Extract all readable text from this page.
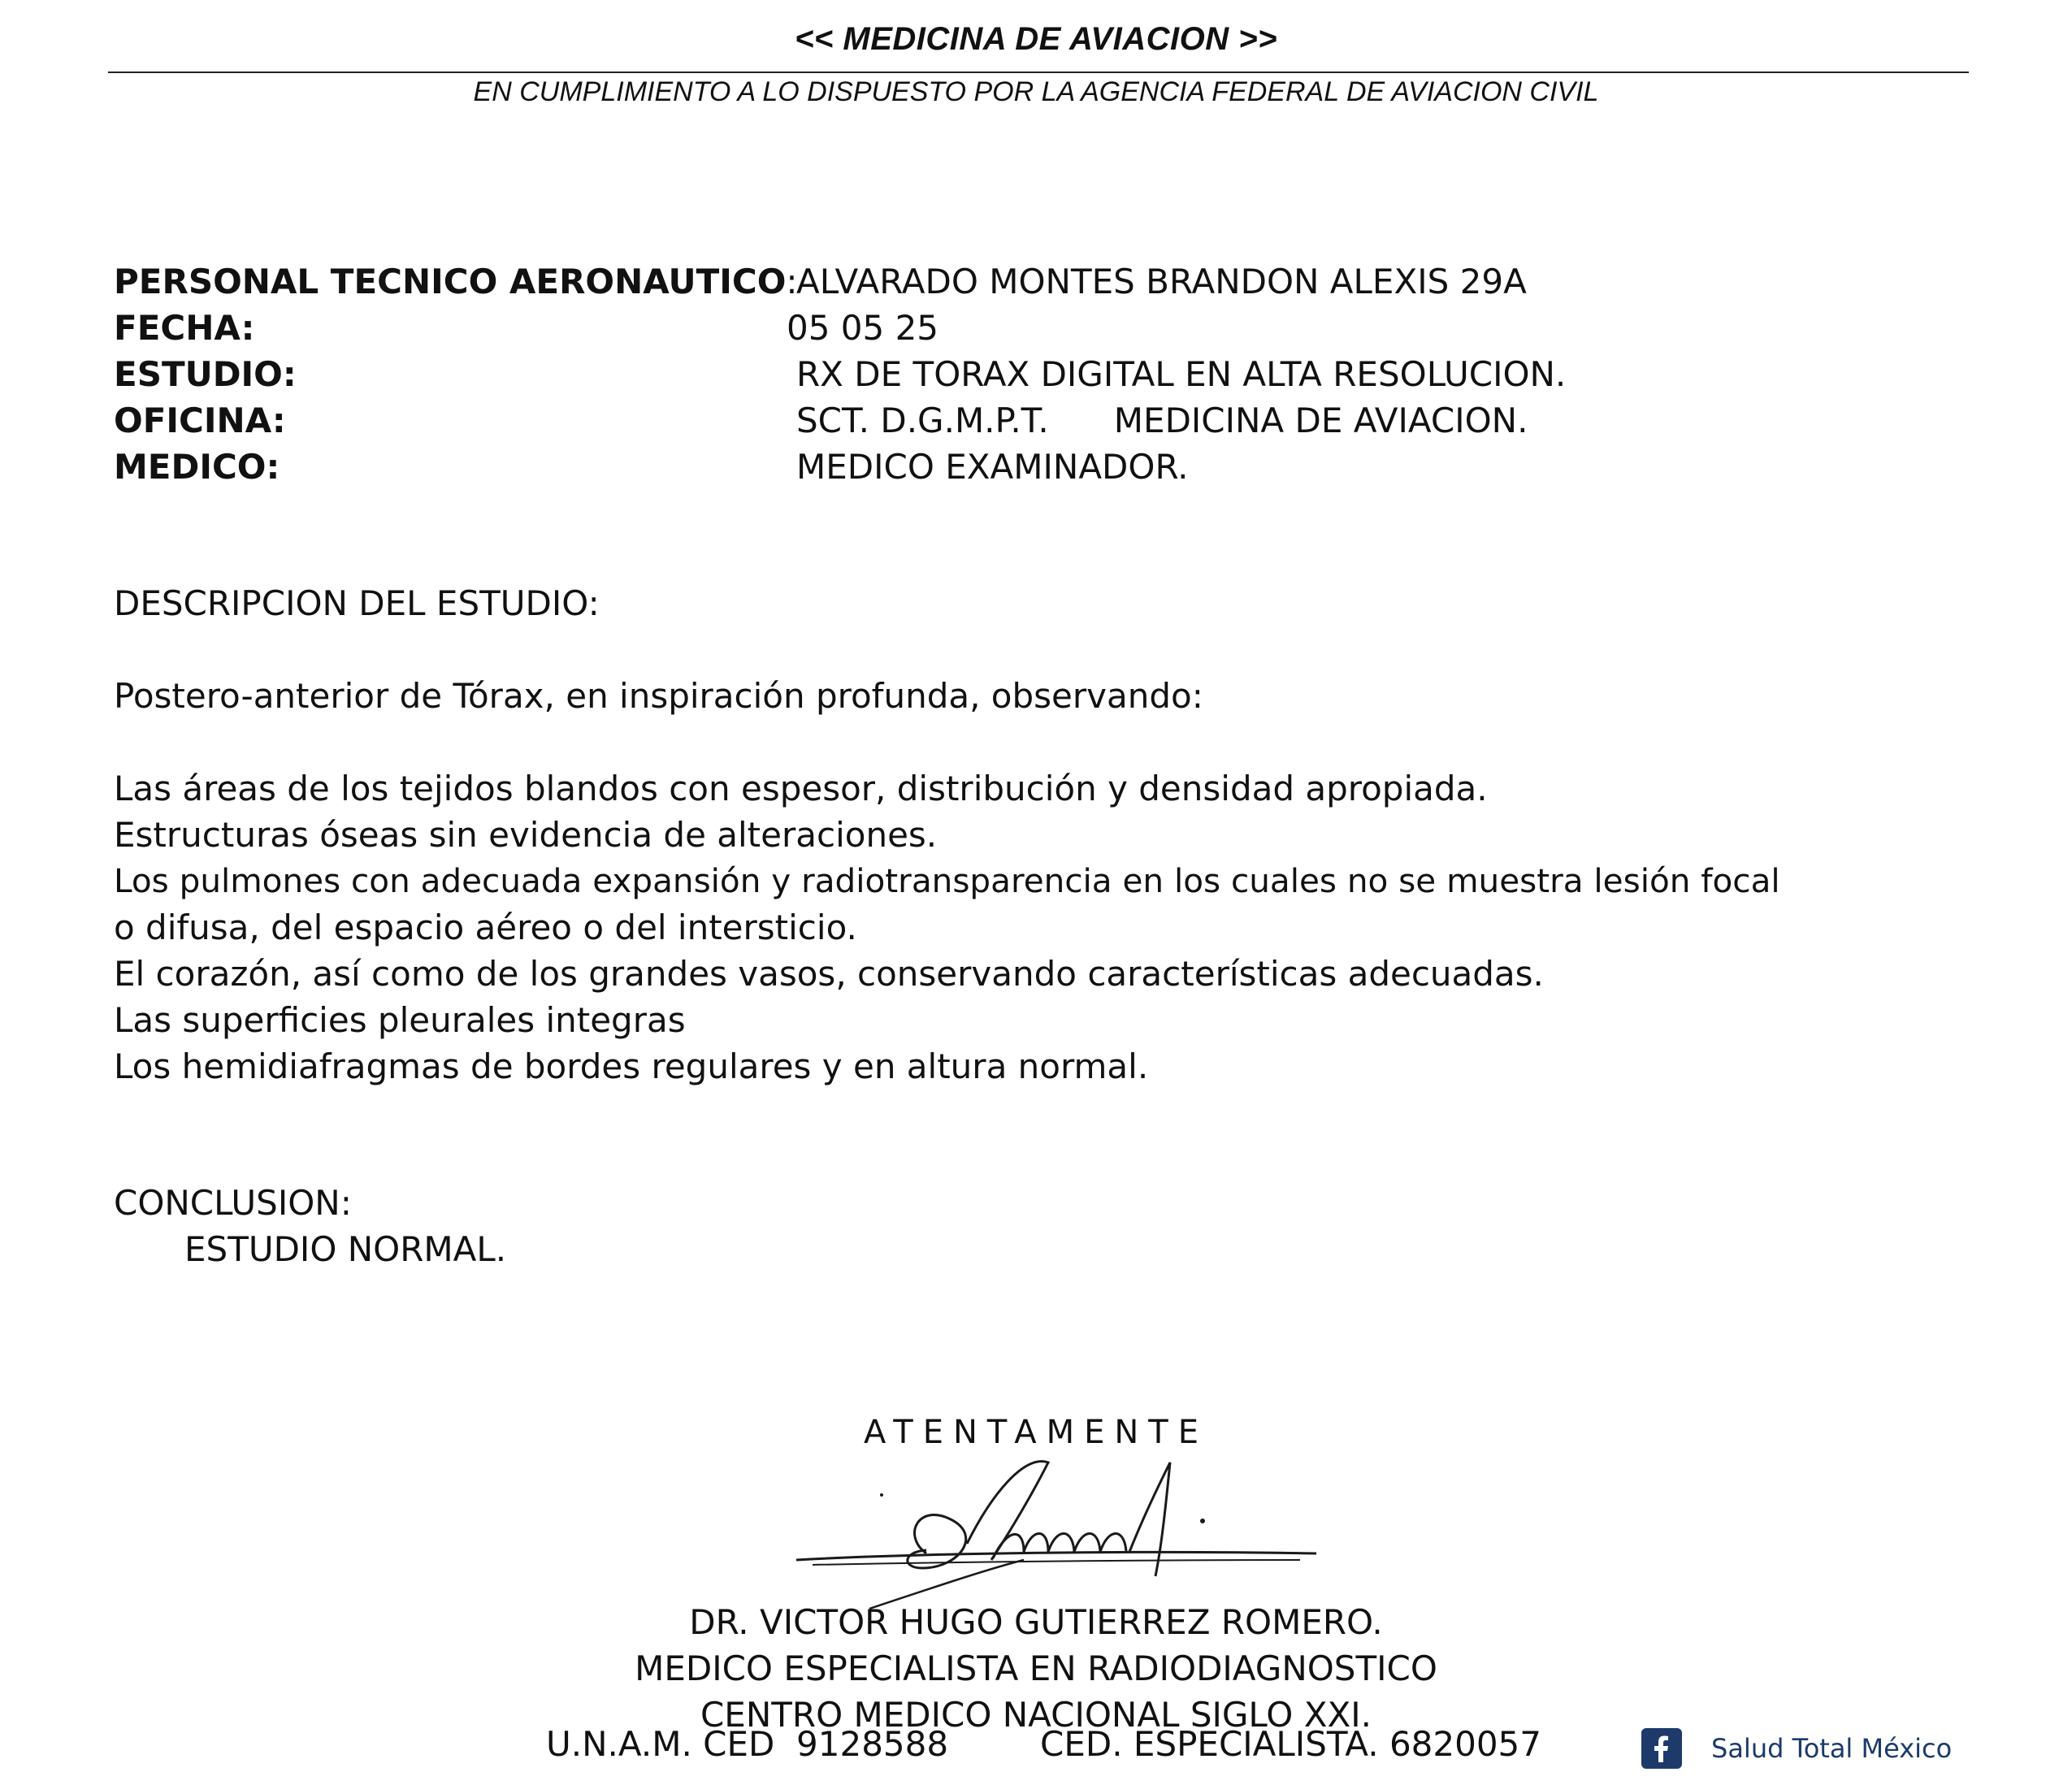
<< MEDICINA DE AVIACION >>
EN CUMPLIMIENTO A LO DISPUESTO POR LA AGENCIA FEDERAL DE AVIACION CIVIL
PERSONAL TECNICO AERONAUTICO:
ALVARADO MONTES BRANDON ALEXIS 29A
FECHA:	05 05 25
ESTUDIO:	RX DE TORAX DIGITAL EN ALTA RESOLUCION.
OFICINA:	SCT. D.G.M.P.T.      MEDICINA DE AVIACION.
MEDICO:	MEDICO EXAMINADOR.
DESCRIPCION DEL ESTUDIO:
Postero-anterior de Tórax, en inspiración profunda, observando:
Las áreas de los tejidos blandos con espesor, distribución y densidad apropiada.
Estructuras óseas sin evidencia de alteraciones.
Los pulmones con adecuada expansión y radiotransparencia en los cuales no se muestra lesión focal
o difusa, del espacio aéreo o del intersticio.
El corazón, así como de los grandes vasos, conservando características adecuadas.
Las superficies pleurales integras
Los hemidiafragmas de bordes regulares y en altura normal.
CONCLUSION:
ESTUDIO NORMAL.
ATENTAMENTE
DR. VICTOR HUGO GUTIERREZ ROMERO.
MEDICO ESPECIALISTA EN RADIODIAGNOSTICO
CENTRO MEDICO NACIONAL SIGLO XXI.
U.N.A.M. CED  9128588	CED. ESPECIALISTA. 6820057	Salud Total México
